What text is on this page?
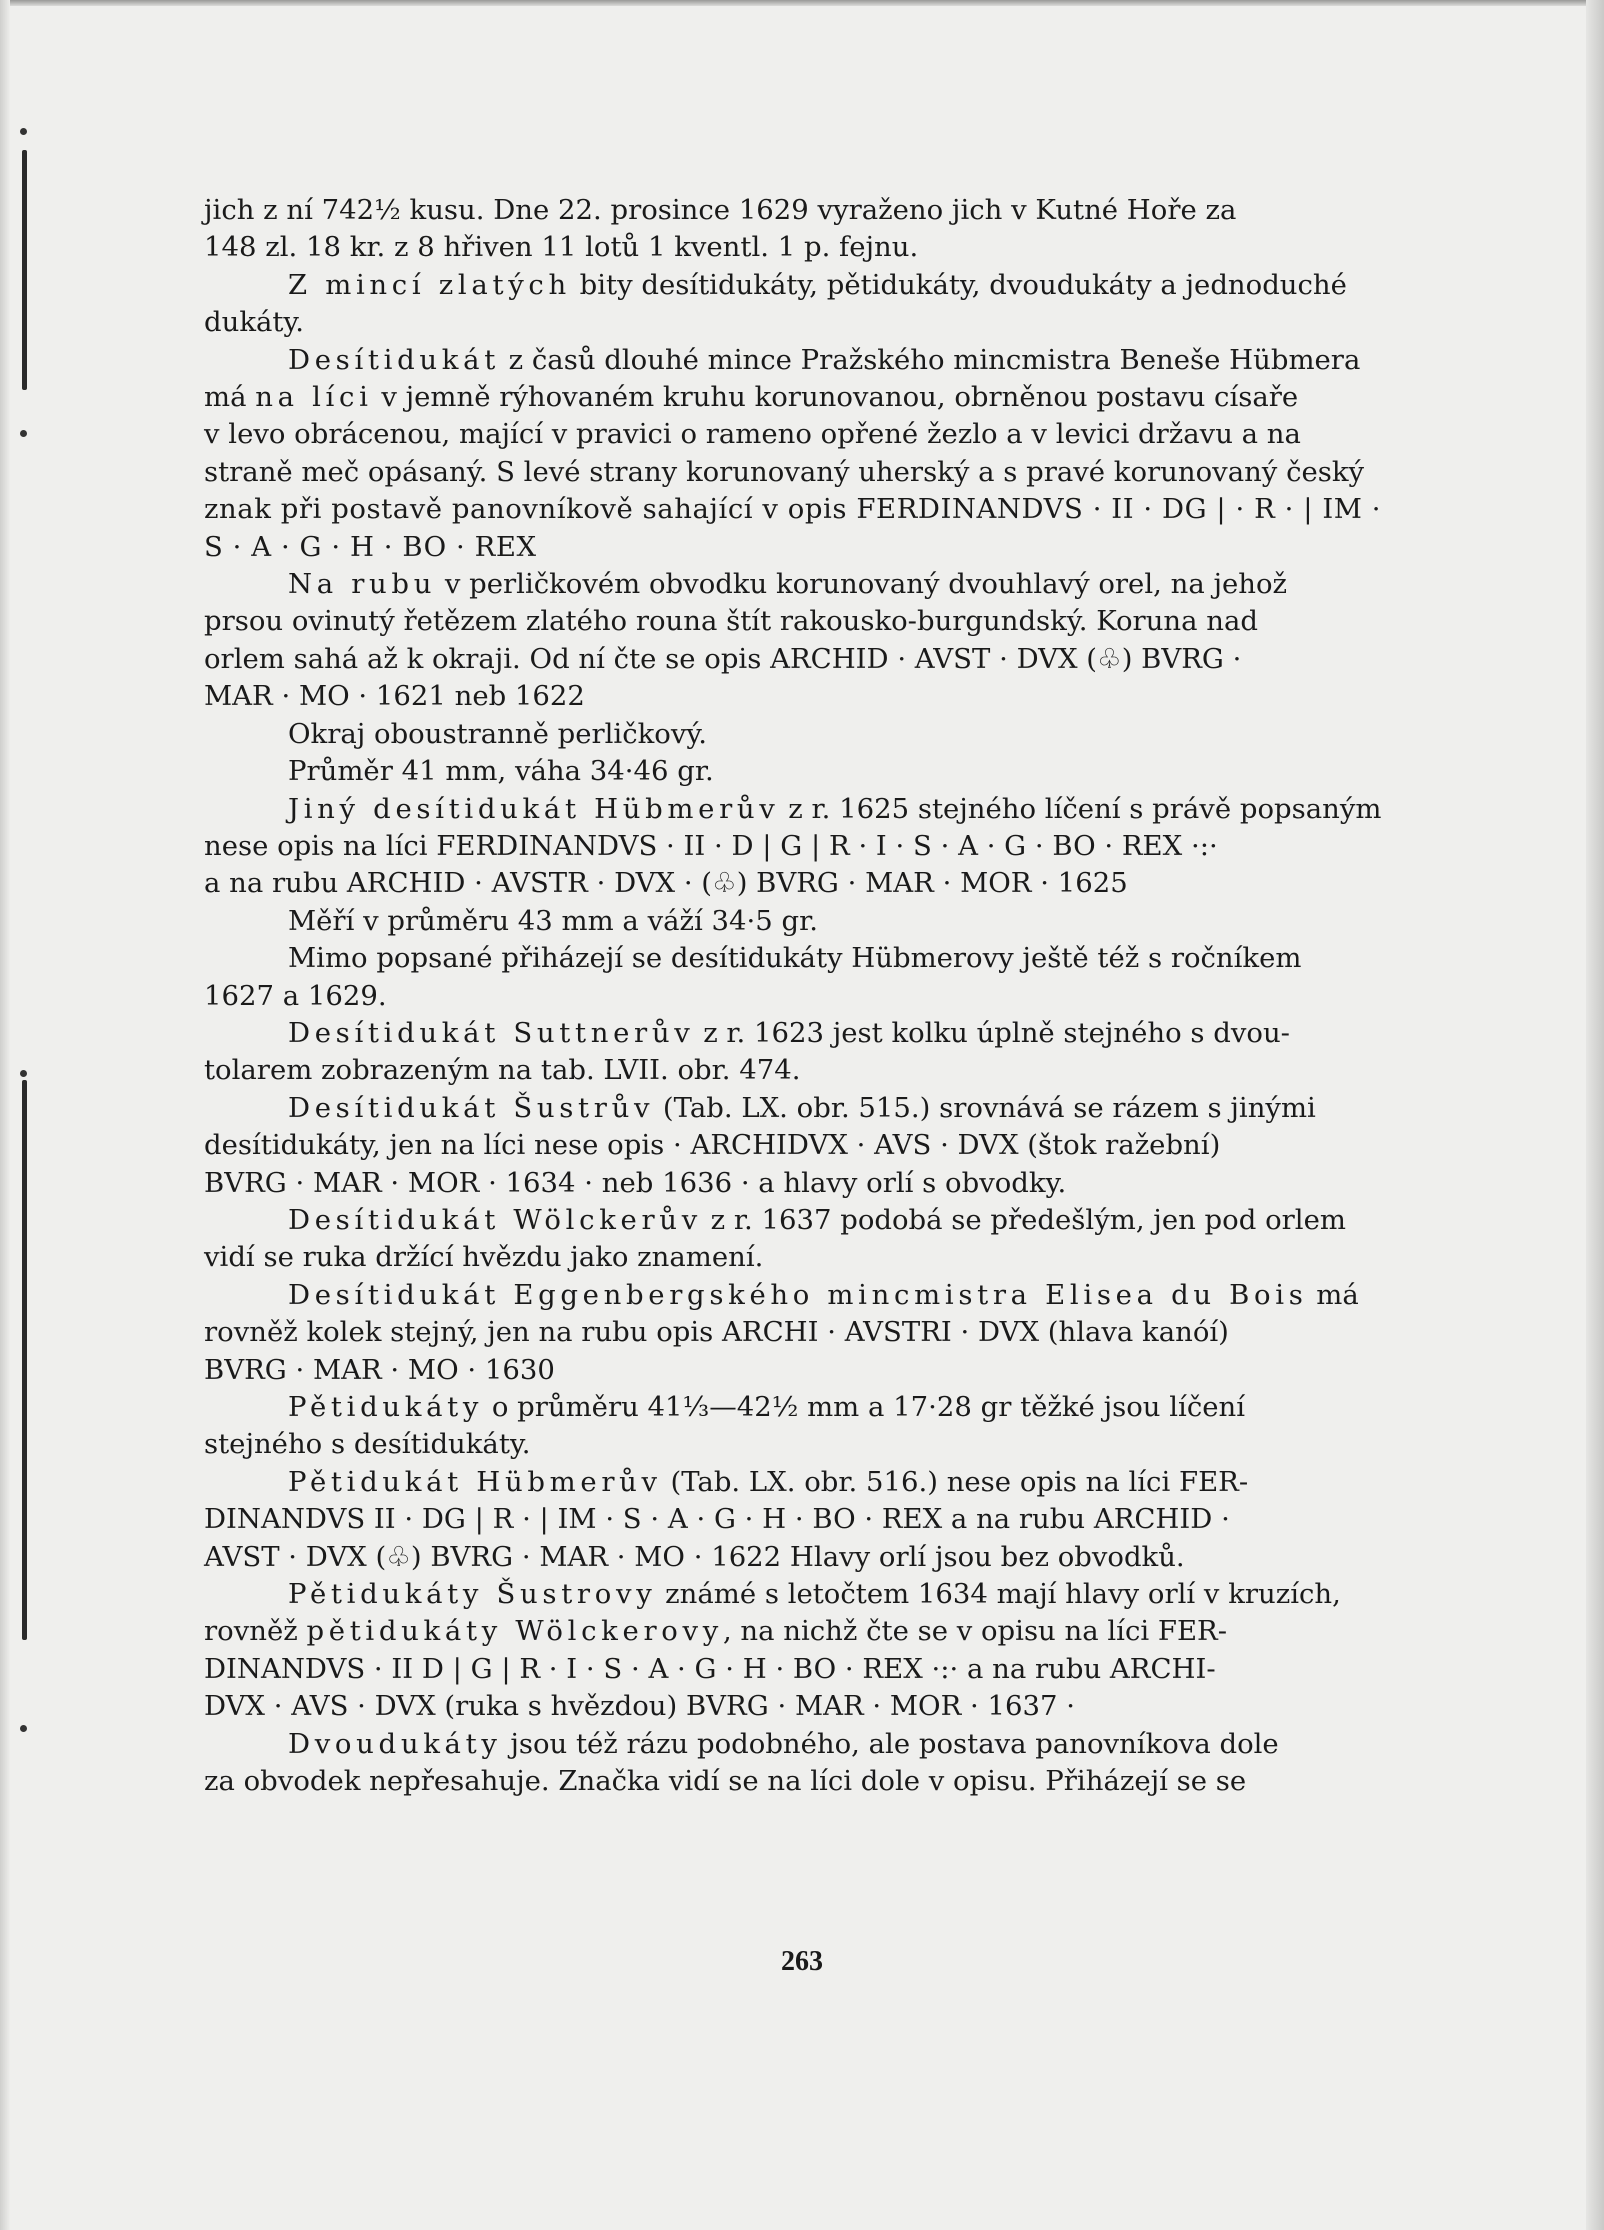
jich z ní 742½ kusu. Dne 22. prosince 1629 vyraženo jich v Kutné Hoře za

148 zl. 18 kr. z 8 hřiven 11 lotů 1 kventl. 1 p. fejnu.

Z mincí zlatých bity desítidukáty, pětidukáty, dvoudukáty a jednoduché

dukáty.

Desítidukát z časů dlouhé mince Pražského mincmistra Beneše Hübmera

má na líci v jemně rýhovaném kruhu korunovanou, obrněnou postavu císaře

v levo obrácenou, mající v pravici o rameno opřené žezlo a v levici državu a na

straně meč opásaný. S levé strany korunovaný uherský a s pravé korunovaný český

znak při postavě panovníkově sahající v opis FERDINANDVS · II · DG | · R · | IM ·

S · A · G · H · BO · REX

Na rubu v perličkovém obvodku korunovaný dvouhlavý orel, na jehož

prsou ovinutý řetězem zlatého rouna štít rakousko-burgundský. Koruna nad

orlem sahá až k okraji. Od ní čte se opis ARCHID · AVST · DVX (♧) BVRG ·

MAR · MO · 1621 neb 1622

Okraj oboustranně perličkový.

Průměr 41 mm, váha 34·46 gr.

Jiný desítidukát Hübmerův z r. 1625 stejného líčení s právě popsaným

nese opis na líci FERDINANDVS · II · D | G | R · I · S · A · G · BO · REX ·:·

a na rubu ARCHID · AVSTR · DVX · (♧) BVRG · MAR · MOR · 1625

Měří v průměru 43 mm a váží 34·5 gr.

Mimo popsané přiházejí se desítidukáty Hübmerovy ještě též s ročníkem

1627 a 1629.

Desítidukát Suttnerův z r. 1623 jest kolku úplně stejného s dvou-

tolarem zobrazeným na tab. LVII. obr. 474.

Desítidukát Šustrův (Tab. LX. obr. 515.) srovnává se rázem s jinými

desítidukáty, jen na líci nese opis · ARCHIDVX · AVS · DVX (štok ražební)

BVRG · MAR · MOR · 1634 · neb 1636 · a hlavy orlí s obvodky.

Desítidukát Wölckerův z r. 1637 podobá se předešlým, jen pod orlem

vidí se ruka držící hvězdu jako znamení.

Desítidukát Eggenbergského mincmistra Elisea du Bois má

rovněž kolek stejný, jen na rubu opis ARCHI · AVSTRI · DVX (hlava kanóí)

BVRG · MAR · MO · 1630

Pětidukáty o průměru 41⅓—42½ mm a 17·28 gr těžké jsou líčení

stejného s desítidukáty.

Pětidukát Hübmerův (Tab. LX. obr. 516.) nese opis na líci FER-

DINANDVS II · DG | R · | IM · S · A · G · H · BO · REX a na rubu ARCHID ·

AVST · DVX (♧) BVRG · MAR · MO · 1622 Hlavy orlí jsou bez obvodků.

Pětidukáty Šustrovy známé s letočtem 1634 mají hlavy orlí v kruzích,

rovněž pětidukáty Wölckerovy, na nichž čte se v opisu na líci FER-

DINANDVS · II D | G | R · I · S · A · G · H · BO · REX ·:· a na rubu ARCHI-

DVX · AVS · DVX (ruka s hvězdou) BVRG · MAR · MOR · 1637 ·

Dvoudukáty jsou též rázu podobného, ale postava panovníkova dole

za obvodek nepřesahuje. Značka vidí se na líci dole v opisu. Přiházejí se se

263
